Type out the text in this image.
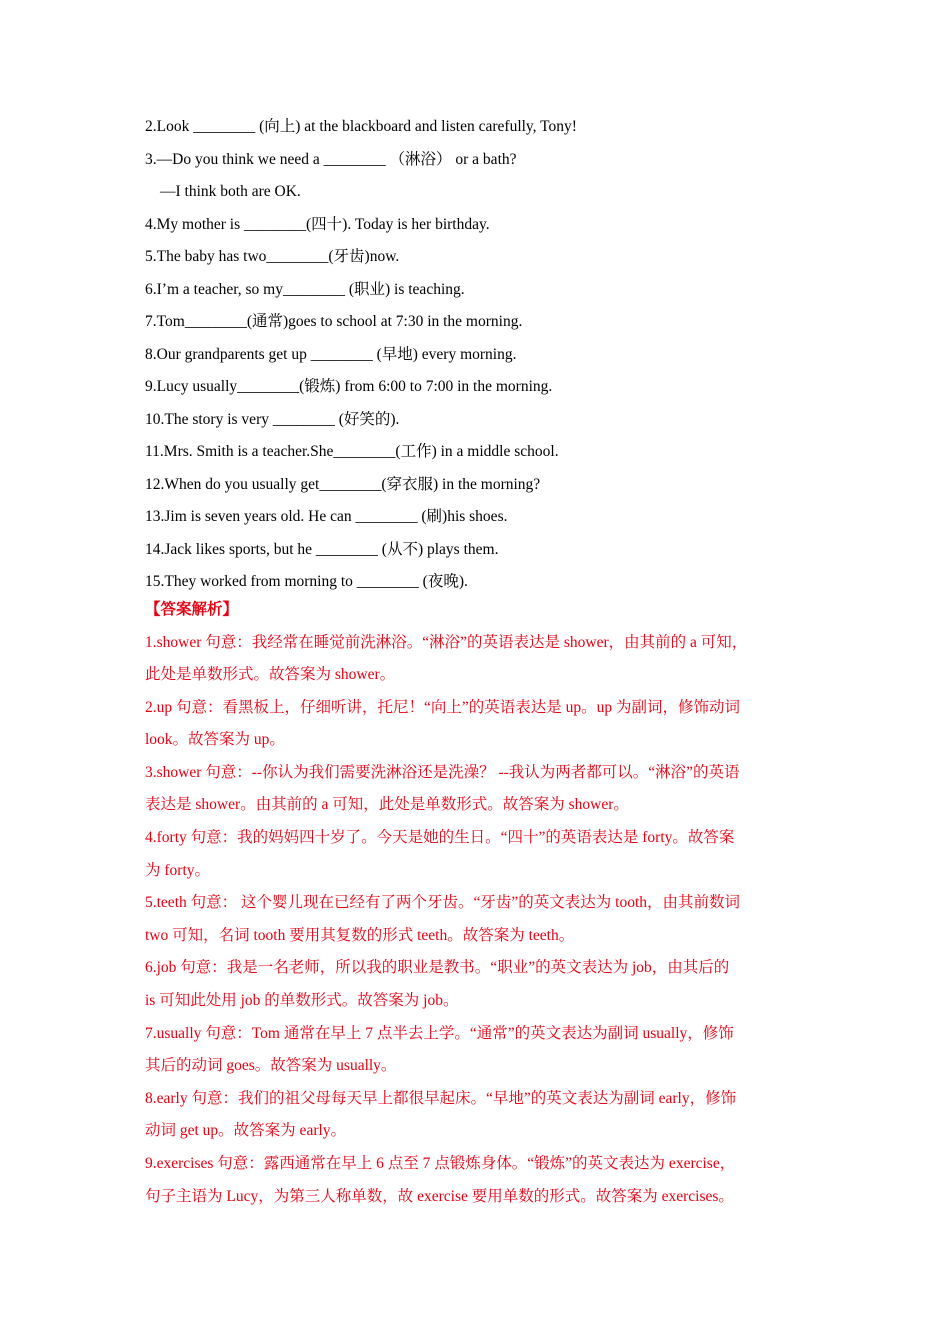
2.Look ________ (向上) at the blackboard and listen carefully, Tony!
3.—Do you think we need a ________ （淋浴） or a bath?
—I think both are OK.
4.My mother is ________(四十). Today is her birthday.
5.The baby has two________(牙齿)now.
6.I’m a teacher, so my________ (职业) is teaching.
7.Tom________(通常)goes to school at 7:30 in the morning.
8.Our grandparents get up ________ (早地) every morning.
9.Lucy usually________(锻炼) from 6:00 to 7:00 in the morning.
10.The story is very ________ (好笑的).
11.Mrs. Smith is a teacher.She________(工作) in a middle school.
12.When do you usually get________(穿衣服) in the morning?
13.Jim is seven years old. He can ________ (刷)his shoes.
14.Jack likes sports, but he ________ (从不) plays them.
15.They worked from morning to ________ (夜晚).
【答案解析】
1.shower 句意：我经常在睡觉前洗淋浴。“淋浴”的英语表达是 shower，由其前的 a 可知，
此处是单数形式。故答案为 shower。
2.up 句意：看黑板上，仔细听讲，托尼！“向上”的英语表达是 up。up 为副词，修饰动词
look。故答案为 up。
3.shower 句意：--你认为我们需要洗淋浴还是洗澡？ --我认为两者都可以。“淋浴”的英语
表达是 shower。由其前的 a 可知，此处是单数形式。故答案为 shower。
4.forty 句意：我的妈妈四十岁了。今天是她的生日。“四十”的英语表达是 forty。故答案
为 forty。
5.teeth 句意： 这个婴儿现在已经有了两个牙齿。“牙齿”的英文表达为 tooth，由其前数词
two 可知，名词 tooth 要用其复数的形式 teeth。故答案为 teeth。
6.job 句意：我是一名老师，所以我的职业是教书。“职业”的英文表达为 job，由其后的
is 可知此处用 job 的单数形式。故答案为 job。
7.usually 句意：Tom 通常在早上 7 点半去上学。“通常”的英文表达为副词 usually，修饰
其后的动词 goes。故答案为 usually。
8.early 句意：我们的祖父母每天早上都很早起床。“早地”的英文表达为副词 early，修饰
动词 get up。故答案为 early。
9.exercises 句意：露西通常在早上 6 点至 7 点锻炼身体。“锻炼”的英文表达为 exercise，
句子主语为 Lucy，为第三人称单数，故 exercise 要用单数的形式。故答案为 exercises。
